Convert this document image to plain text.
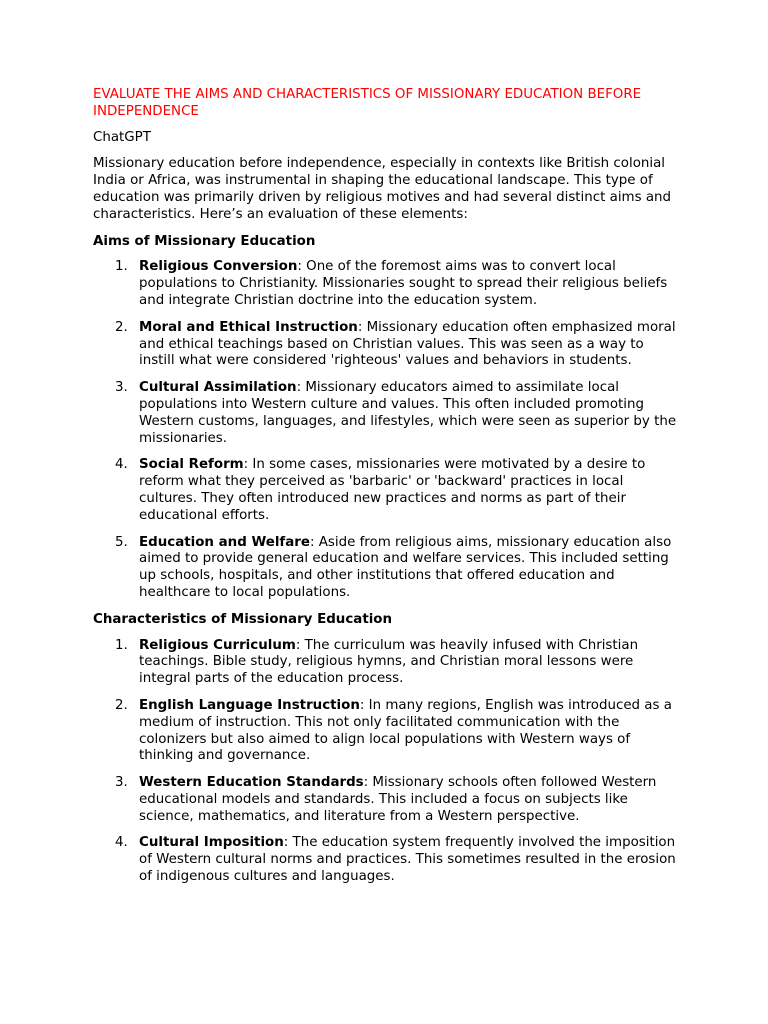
EVALUATE THE AIMS AND CHARACTERISTICS OF MISSIONARY EDUCATION BEFORE INDEPENDENCE
ChatGPT
Missionary education before independence, especially in contexts like British colonial India or Africa, was instrumental in shaping the educational landscape. This type of education was primarily driven by religious motives and had several distinct aims and characteristics. Here’s an evaluation of these elements:
Aims of Missionary Education
1. Religious Conversion: One of the foremost aims was to convert local populations to Christianity. Missionaries sought to spread their religious beliefs and integrate Christian doctrine into the education system.
2. Moral and Ethical Instruction: Missionary education often emphasized moral and ethical teachings based on Christian values. This was seen as a way to instill what were considered 'righteous' values and behaviors in students.
3. Cultural Assimilation: Missionary educators aimed to assimilate local populations into Western culture and values. This often included promoting Western customs, languages, and lifestyles, which were seen as superior by the missionaries.
4. Social Reform: In some cases, missionaries were motivated by a desire to reform what they perceived as 'barbaric' or 'backward' practices in local cultures. They often introduced new practices and norms as part of their educational efforts.
5. Education and Welfare: Aside from religious aims, missionary education also aimed to provide general education and welfare services. This included setting up schools, hospitals, and other institutions that offered education and healthcare to local populations.
Characteristics of Missionary Education
1. Religious Curriculum: The curriculum was heavily infused with Christian teachings. Bible study, religious hymns, and Christian moral lessons were integral parts of the education process.
2. English Language Instruction: In many regions, English was introduced as a medium of instruction. This not only facilitated communication with the colonizers but also aimed to align local populations with Western ways of thinking and governance.
3. Western Education Standards: Missionary schools often followed Western educational models and standards. This included a focus on subjects like science, mathematics, and literature from a Western perspective.
4. Cultural Imposition: The education system frequently involved the imposition of Western cultural norms and practices. This sometimes resulted in the erosion of indigenous cultures and languages.
